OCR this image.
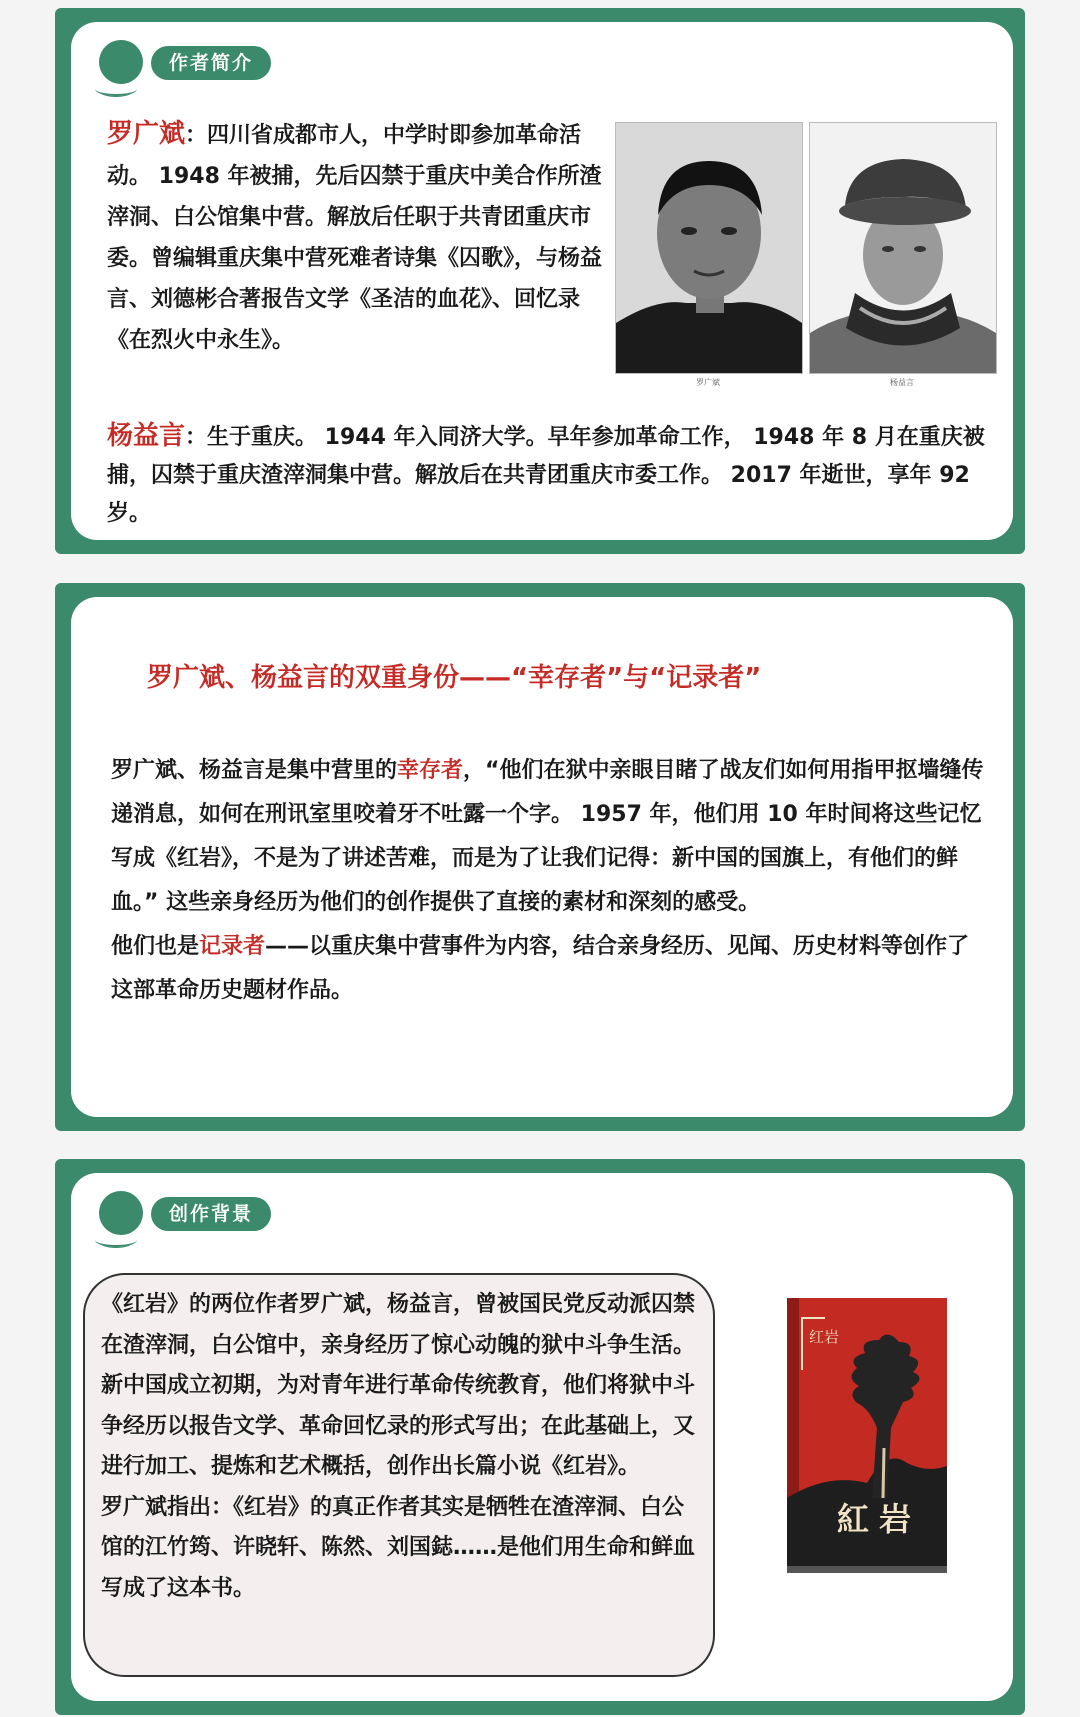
作者简介

罗广斌：四川省成都市人，中学时即参加革命活动。 1948 年被捕，先后囚禁于重庆中美合作所渣滓洞、白公馆集中营。解放后任职于共青团重庆市委。曾编辑重庆集中营死难者诗集《囚歌》，与杨益言、刘德彬合著报告文学《圣洁的血花》、回忆录《在烈火中永生》。

罗广斌	杨益言

杨益言：生于重庆。 1944 年入同济大学。早年参加革命工作， 1948 年 8 月在重庆被捕，囚禁于重庆渣滓洞集中营。解放后在共青团重庆市委工作。 2017 年逝世，享年 92 岁。

罗广斌、杨益言的双重身份——“幸存者”与“记录者”
罗广斌、杨益言是集中营里的幸存者，“他们在狱中亲眼目睹了战友们如何用指甲抠墙缝传递消息，如何在刑讯室里咬着牙不吐露一个字。 1957 年，他们用 10 年时间将这些记忆写成《红岩》，不是为了讲述苦难，而是为了让我们记得：新中国的国旗上，有他们的鲜血。” 这些亲身经历为他们的创作提供了直接的素材和深刻的感受。
他们也是记录者——以重庆集中营事件为内容，结合亲身经历、见闻、历史材料等创作了这部革命历史题材作品。
创作背景
《红岩》的两位作者罗广斌，杨益言，曾被国民党反动派囚禁在渣滓洞，白公馆中，亲身经历了惊心动魄的狱中斗争生活。新中国成立初期，为对青年进行革命传统教育，他们将狱中斗争经历以报告文学、革命回忆录的形式写出；在此基础上，又进行加工、提炼和艺术概括，创作出长篇小说《红岩》。
罗广斌指出：《红岩》的真正作者其实是牺牲在渣滓洞、白公馆的江竹筠、许晓轩、陈然、刘国鋕……是他们用生命和鲜血写成了这本书。
红岩
紅岩
